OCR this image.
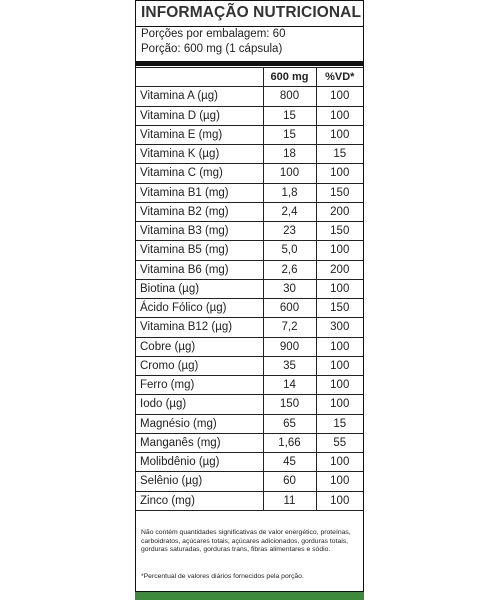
INFORMAÇÃO NUTRICIONAL
Porções por embalagem: 60
Porção: 600 mg (1 cápsula)
	600 mg	%VD*
Vitamina A (µg)	800	100
Vitamina D (µg)	15	100
Vitamina E (mg)	15	100
Vitamina K (µg)	18	15
Vitamina C (mg)	100	100
Vitamina B1 (mg)	1,8	150
Vitamina B2 (mg)	2,4	200
Vitamina B3 (mg)	23	150
Vitamina B5 (mg)	5,0	100
Vitamina B6 (mg)	2,6	200
Biotina (µg)	30	100
Ácido Fólico (µg)	600	150
Vitamina B12 (µg)	7,2	300
Cobre (µg)	900	100
Cromo (µg)	35	100
Ferro (mg)	14	100
Iodo (µg)	150	100
Magnésio (mg)	65	15
Manganês (mg)	1,66	55
Molibdênio (µg)	45	100
Selênio (µg)	60	100
Zinco (mg)	11	100
Não contém quantidades significativas de valor energético, proteínas, carboidratos, açúcares totais, açúcares adicionados, gorduras totais, gorduras saturadas, gorduras trans, fibras alimentares e sódio.
*Percentual de valores diários fornecidos pela porção.
